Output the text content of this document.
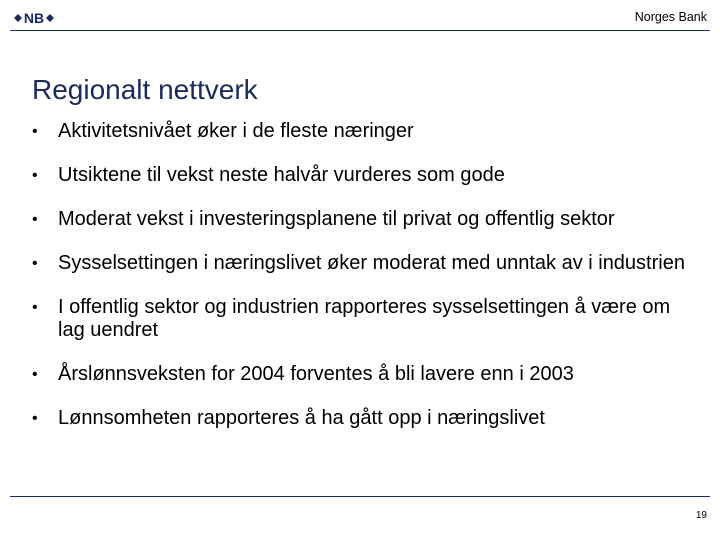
NB	Norges Bank
Regionalt nettverk
• Aktivitetsnivået øker i de fleste næringer
• Utsiktene til vekst neste halvår vurderes som gode
• Moderat vekst i investeringsplanene til privat og offentlig sektor
• Sysselsettingen i næringslivet øker moderat med unntak av i industrien
• I offentlig sektor og industrien rapporteres sysselsettingen å være om lag uendret
• Årslønnsveksten for 2004 forventes å bli lavere enn i 2003
• Lønnsomheten rapporteres å ha gått opp i næringslivet
19
